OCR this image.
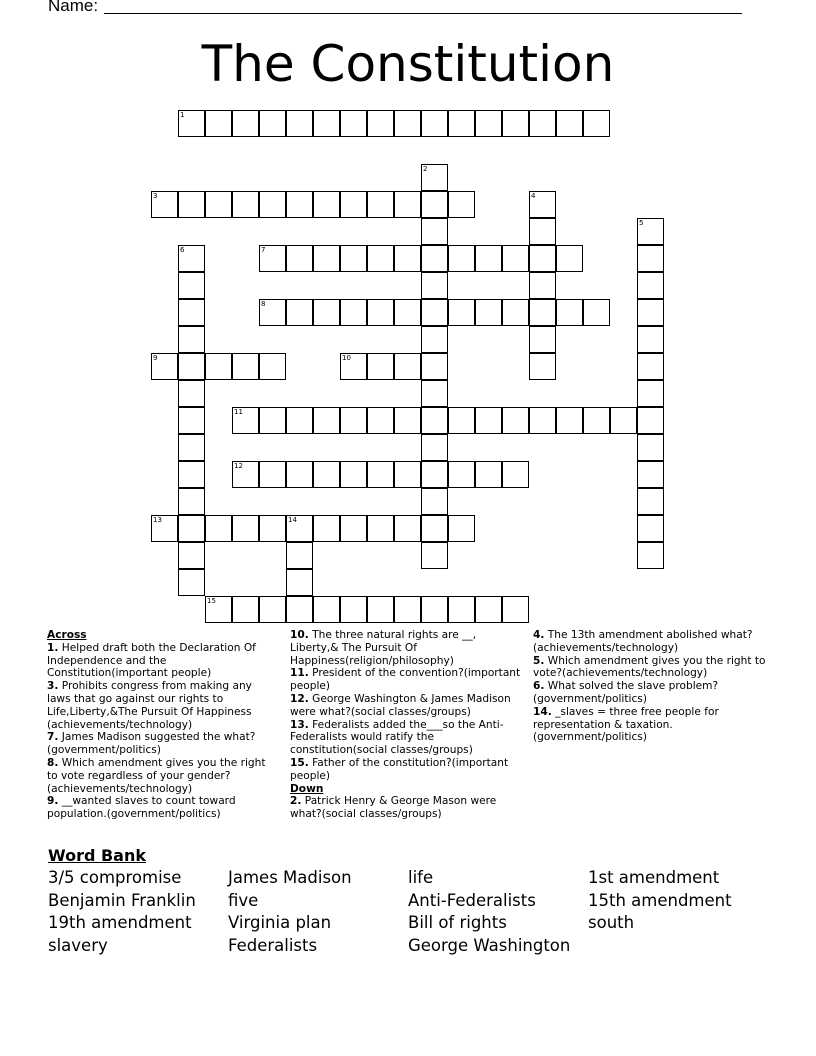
Name:
The Constitution
1
2
3	4
5
6	7
8
9	10
11
12
13	14
15
Across

1. Helped draft both the Declaration Of Independence and the Constitution(important people)

3. Prohibits congress from making any laws that go against our rights to Life,Liberty,&The Pursuit Of Happiness (achievements/technology)

7. James Madison suggested the what?(government/politics)

8. Which amendment gives you the right to vote regardless of your gender?(achievements/technology)

9. __wanted slaves to count toward population.(government/politics)

10. The three natural rights are __, Liberty,& The Pursuit Of Happiness(religion/philosophy)

11. President of the convention?(important people)

12. George Washington & James Madison were what?(social classes/groups)

13. Federalists added the___so the Anti-Federalists would ratify the constitution(social classes/groups)

15. Father of the constitution?(important people)

Down

2. Patrick Henry & George Mason were what?(social classes/groups)

4. The 13th amendment abolished what?(achievements/technology)

5. Which amendment gives you the right to vote?(achievements/technology)

6. What solved the slave problem?(government/politics)

14. _slaves = three free people for representation & taxation.(government/politics)

Word Bank
3/5 compromise
Benjamin Franklin
19th amendment
slavery
James Madison
five
Virginia plan
Federalists
life
Anti-Federalists
Bill of rights
George Washington
1st amendment
15th amendment
south
